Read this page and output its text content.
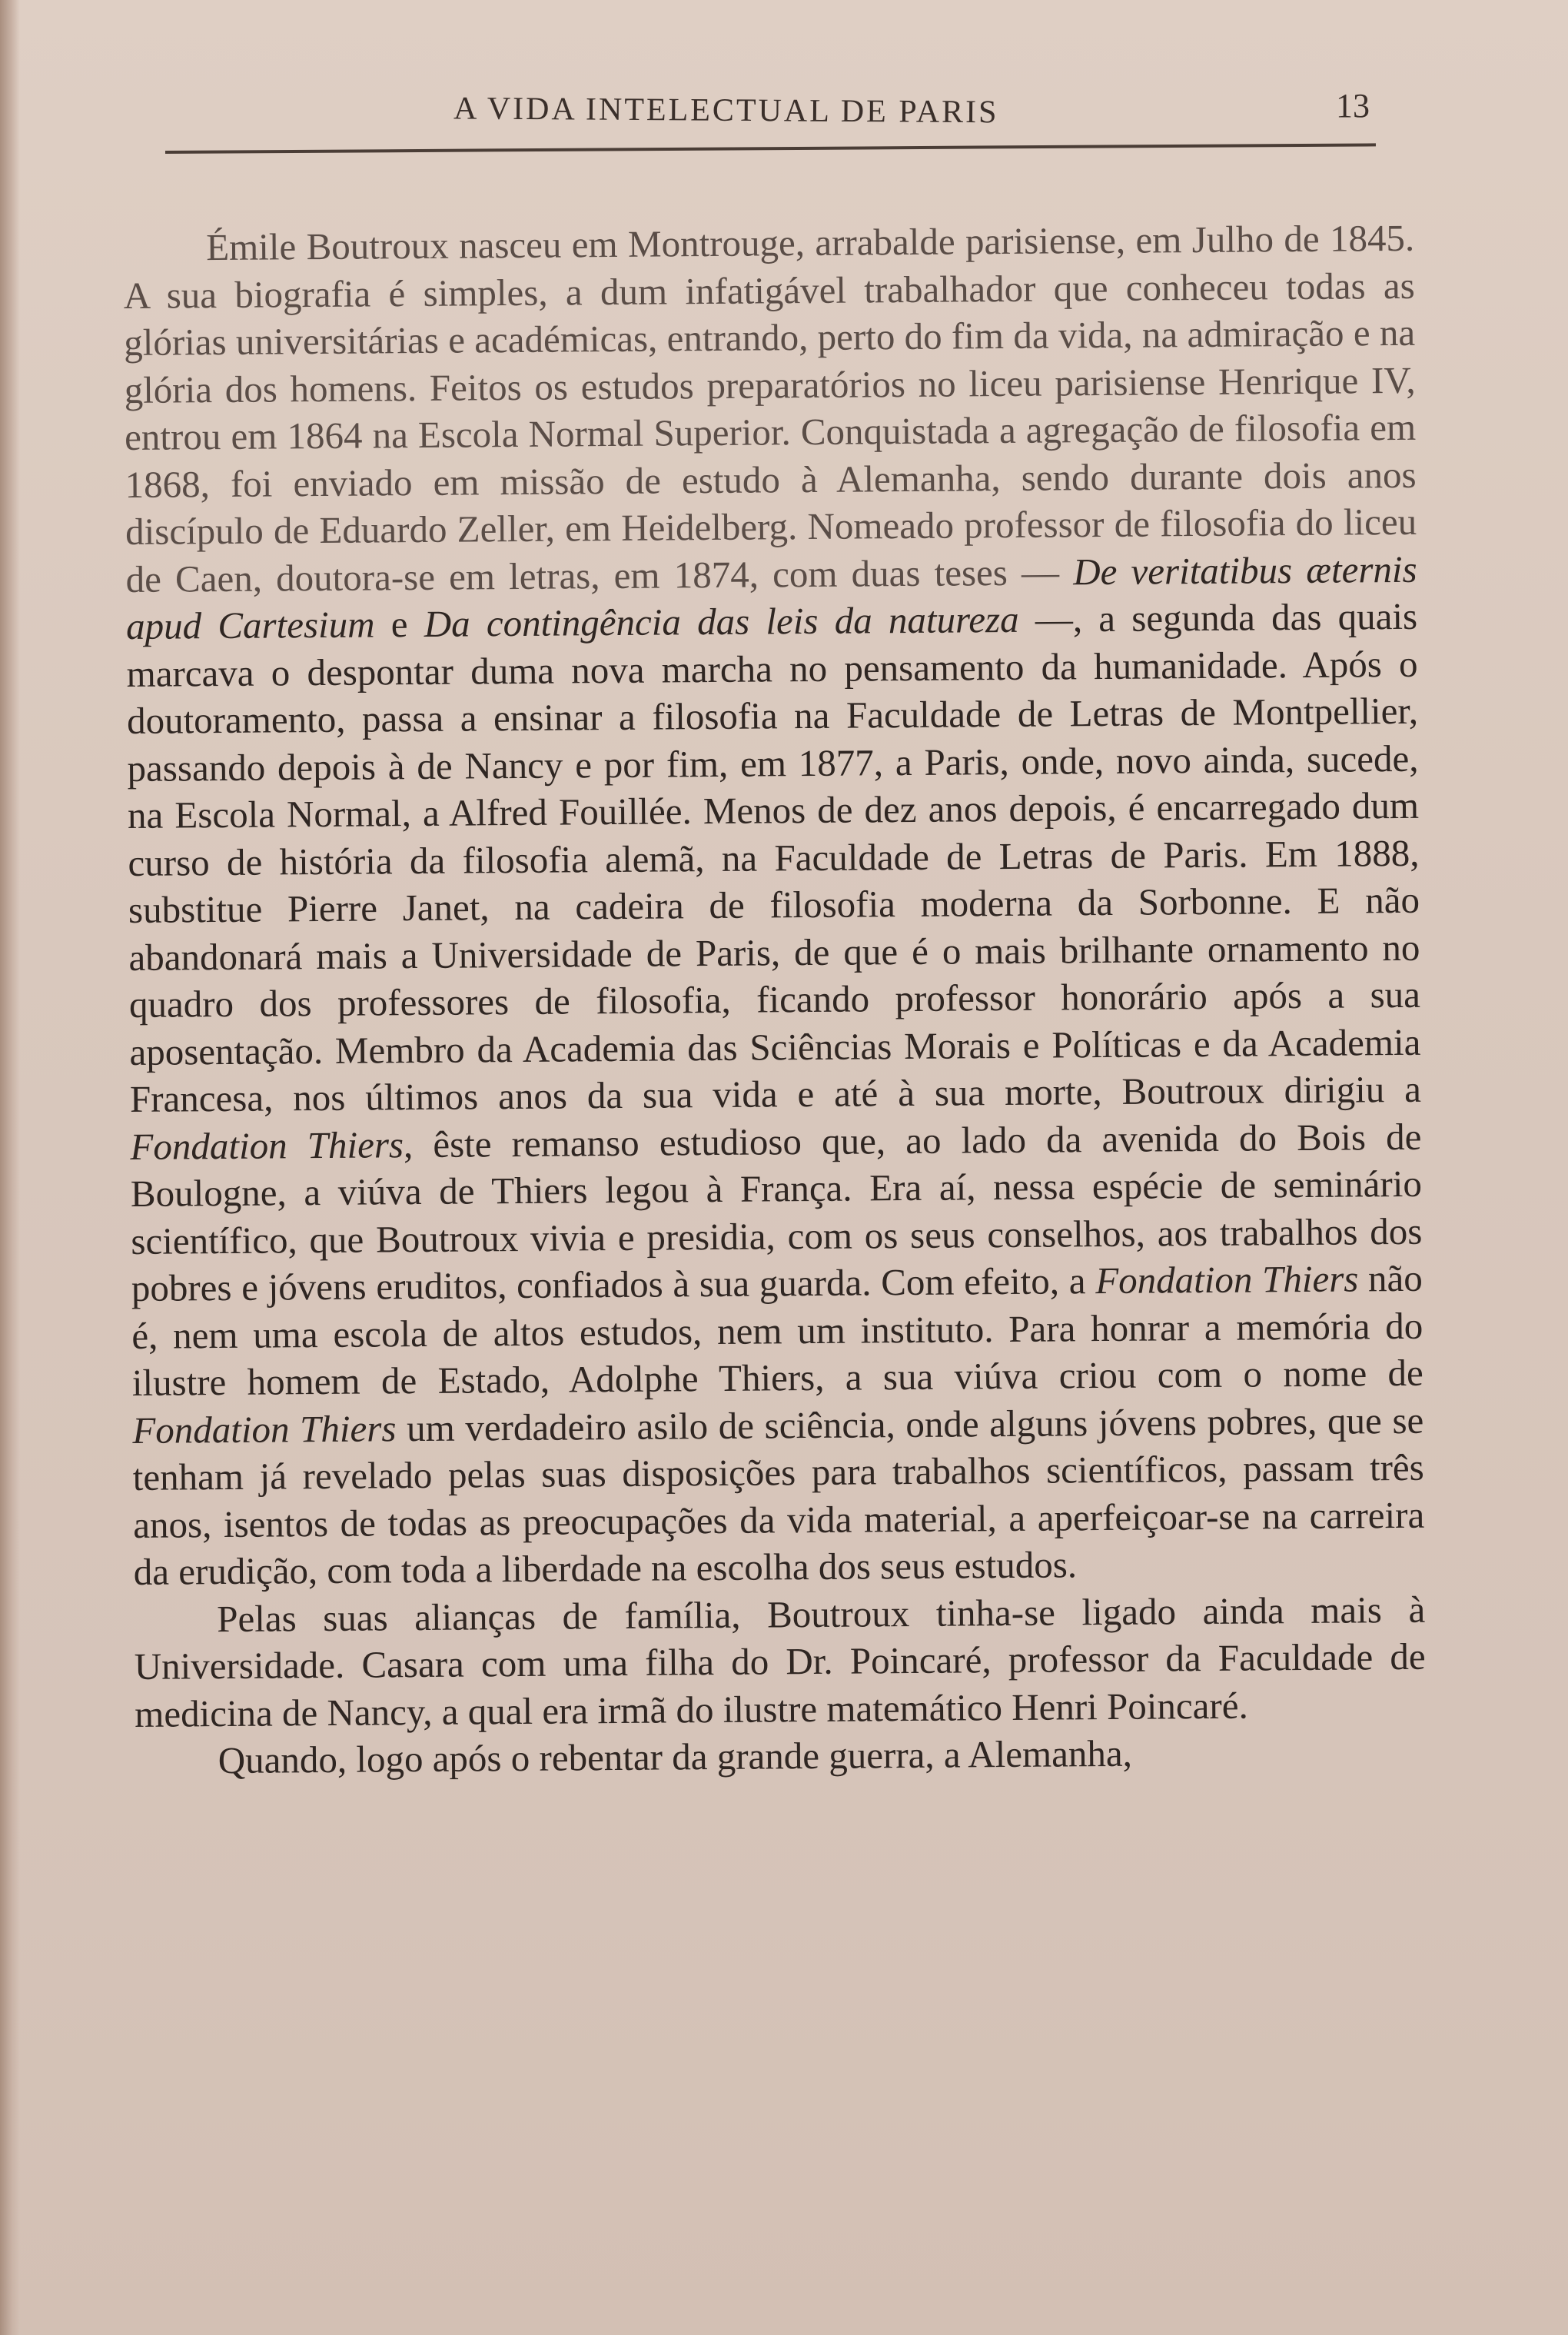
A VIDA INTELECTUAL DE PARIS	13

Émile Boutroux nasceu em Montrouge, arrabalde parisiense, em Julho de 1845. A sua biografia é simples, a dum infatigável trabalhador que conheceu todas as glórias universitárias e académicas, entrando, perto do fim da vida, na admiração e na glória dos homens. Feitos os estudos preparatórios no liceu parisiense Henrique IV, entrou em 1864 na Escola Normal Superior. Conquistada a agregação de filosofia em 1868, foi enviado em missão de estudo à Alemanha, sendo durante dois anos discípulo de Eduardo Zeller, em Heidelberg. Nomeado professor de filosofia do liceu de Caen, doutora-se em letras, em 1874, com duas teses — De veritatibus æternis apud Cartesium e Da contingência das leis da natureza —, a segunda das quais marcava o despontar duma nova marcha no pensamento da humanidade. Após o doutoramento, passa a ensinar a filosofia na Faculdade de Letras de Montpellier, passando depois à de Nancy e por fim, em 1877, a Paris, onde, novo ainda, sucede, na Escola Normal, a Alfred Fouillée. Menos de dez anos depois, é encarregado dum curso de história da filosofia alemã, na Faculdade de Letras de Paris. Em 1888, substitue Pierre Janet, na cadeira de filosofia moderna da Sorbonne. E não abandonará mais a Universidade de Paris, de que é o mais brilhante ornamento no quadro dos professores de filosofia, ficando professor honorário após a sua aposentação. Membro da Academia das Sciências Morais e Políticas e da Academia Francesa, nos últimos anos da sua vida e até à sua morte, Boutroux dirigiu a Fondation Thiers, êste remanso estudioso que, ao lado da avenida do Bois de Boulogne, a viúva de Thiers legou à França. Era aí, nessa espécie de seminário scientífico, que Boutroux vivia e presidia, com os seus conselhos, aos trabalhos dos pobres e jóvens eruditos, confiados à sua guarda. Com efeito, a Fondation Thiers não é, nem uma escola de altos estudos, nem um instituto. Para honrar a memória do ilustre homem de Estado, Adolphe Thiers, a sua viúva criou com o nome de Fondation Thiers um verdadeiro asilo de sciência, onde alguns jóvens pobres, que se tenham já revelado pelas suas disposições para trabalhos scientíficos, passam três anos, isentos de todas as preocupações da vida material, a aperfeiçoar-se na carreira da erudição, com toda a liberdade na escolha dos seus estudos.

Pelas suas alianças de família, Boutroux tinha-se ligado ainda mais à Universidade. Casara com uma filha do Dr. Poincaré, professor da Faculdade de medicina de Nancy, a qual era irmã do ilustre matemático Henri Poincaré.

Quando, logo após o rebentar da grande guerra, a Alemanha,
